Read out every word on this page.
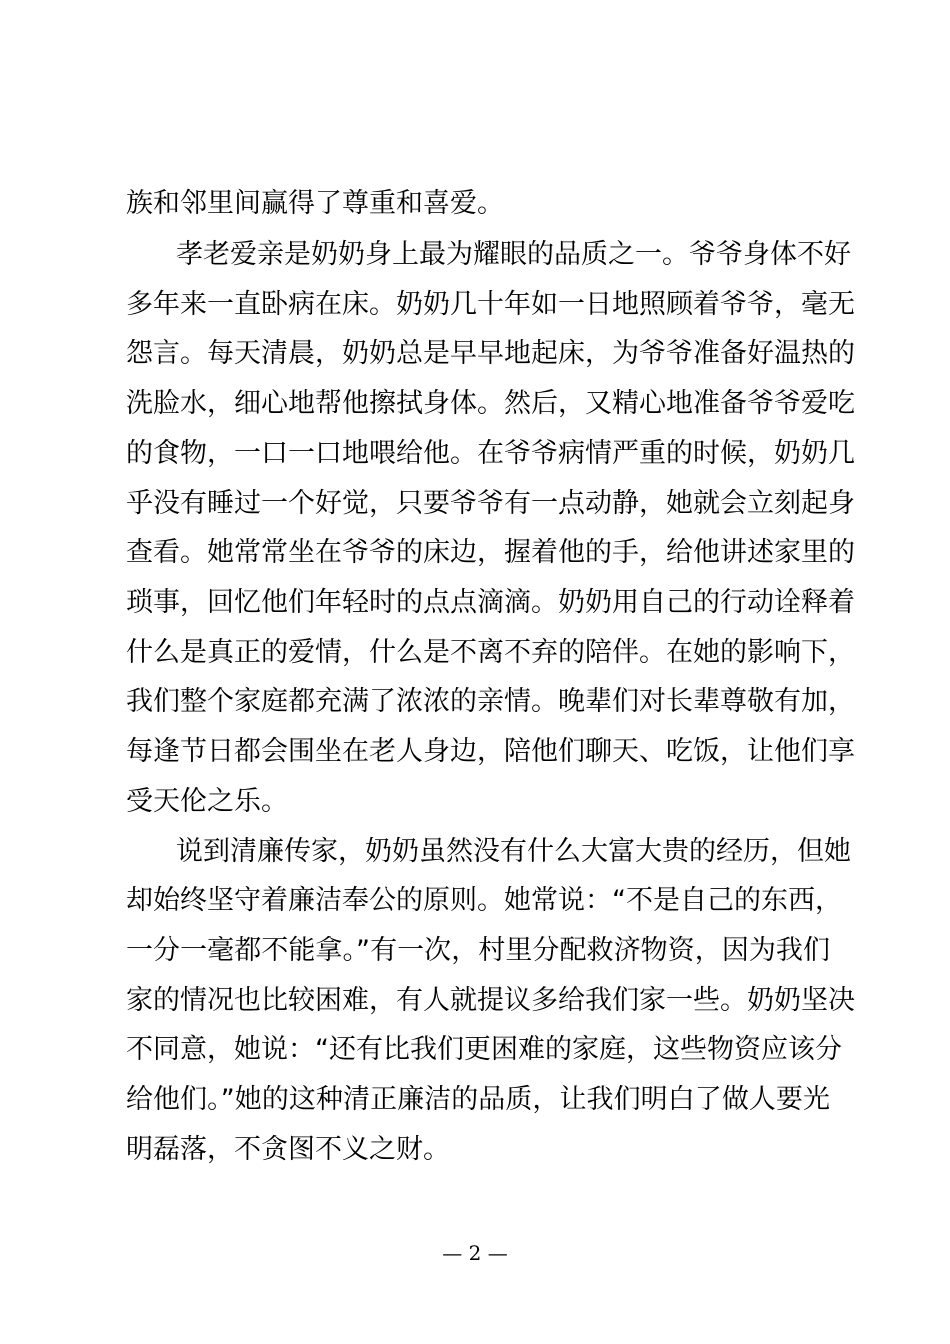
族和邻里间赢得了尊重和喜爱。
孝老爱亲是奶奶身上最为耀眼的品质之一。爷爷身体不好
多年来一直卧病在床。奶奶几十年如一日地照顾着爷爷，毫无
怨言。每天清晨，奶奶总是早早地起床，为爷爷准备好温热的
洗脸水，细心地帮他擦拭身体。然后，又精心地准备爷爷爱吃
的食物，一口一口地喂给他。在爷爷病情严重的时候，奶奶几
乎没有睡过一个好觉，只要爷爷有一点动静，她就会立刻起身
查看。她常常坐在爷爷的床边，握着他的手，给他讲述家里的
琐事，回忆他们年轻时的点点滴滴。奶奶用自己的行动诠释着
什么是真正的爱情，什么是不离不弃的陪伴。在她的影响下，
我们整个家庭都充满了浓浓的亲情。晚辈们对长辈尊敬有加，
每逢节日都会围坐在老人身边，陪他们聊天、吃饭，让他们享
受天伦之乐。
说到清廉传家，奶奶虽然没有什么大富大贵的经历，但她
却始终坚守着廉洁奉公的原则。她常说：“不是自己的东西，
一分一毫都不能拿。”有一次，村里分配救济物资，因为我们
家的情况也比较困难，有人就提议多给我们家一些。奶奶坚决
不同意，她说：“还有比我们更困难的家庭，这些物资应该分
给他们。”她的这种清正廉洁的品质，让我们明白了做人要光
明磊落，不贪图不义之财。
— 2 —
